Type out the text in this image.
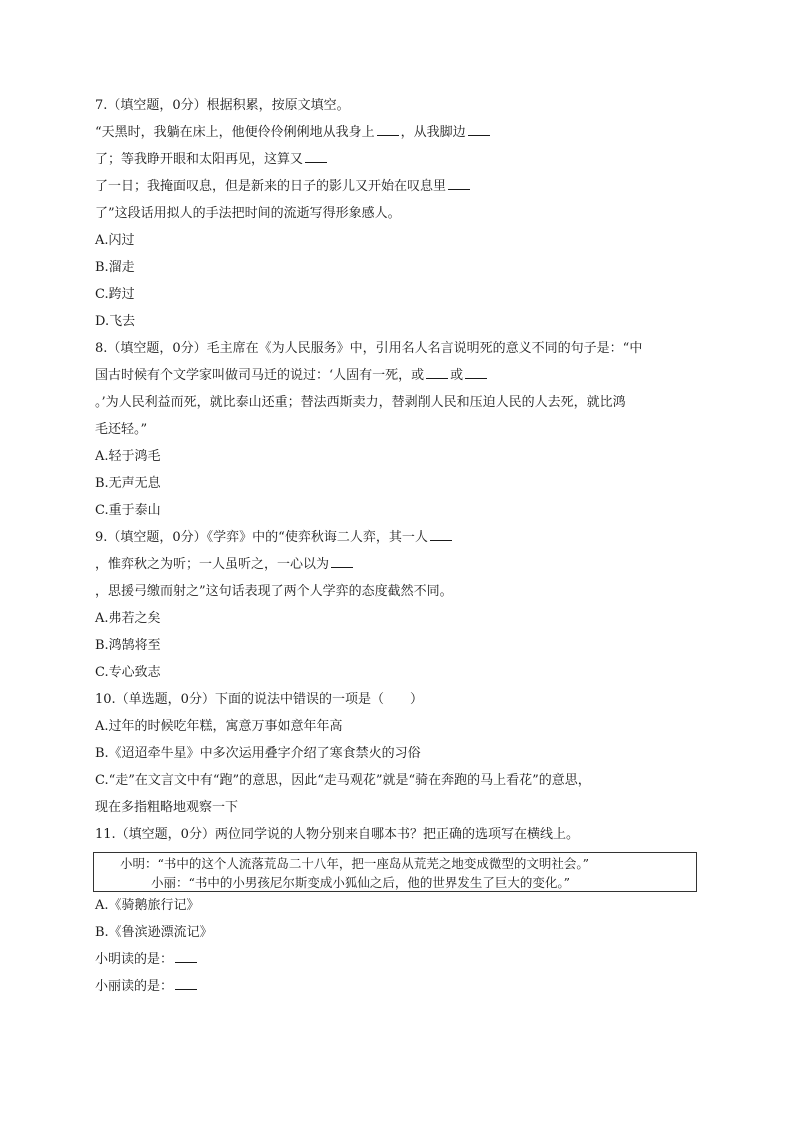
7.（填空题，0分）根据积累，按原文填空。
“天黑时，我躺在床上，他便伶伶俐俐地从我身上 ，从我脚边
了；等我睁开眼和太阳再见，这算又
了一日；我掩面叹息，但是新来的日子的影儿又开始在叹息里
了”这段话用拟人的手法把时间的流逝写得形象感人。
A.闪过
B.溜走
C.跨过
D.飞去
8.（填空题，0分）毛主席在《为人民服务》中，引用名人名言说明死的意义不同的句子是：“中
国古时候有个文学家叫做司马迁的说过：‘人固有一死，或 或
。’为人民利益而死，就比泰山还重；替法西斯卖力，替剥削人民和压迫人民的人去死，就比鸿
毛还轻。”
A.轻于鸿毛
B.无声无息
C.重于泰山
9.（填空题，0分）《学弈》中的“使弈秋诲二人弈，其一人
，惟弈秋之为听；一人虽听之，一心以为
，思援弓缴而射之”这句话表现了两个人学弈的态度截然不同。
A.弗若之矣
B.鸿鹄将至
C.专心致志
10.（单选题，0分）下面的说法中错误的一项是（　　）
A.过年的时候吃年糕，寓意万事如意年年高
B.《迢迢牵牛星》中多次运用叠字介绍了寒食禁火的习俗
C.“走”在文言文中有“跑”的意思，因此“走马观花”就是“骑在奔跑的马上看花”的意思，
现在多指粗略地观察一下
11.（填空题，0分）两位同学说的人物分别来自哪本书？把正确的选项写在横线上。
小明：“书中的这个人流落荒岛二十八年，把一座岛从荒芜之地变成微型的文明社会。”
小丽：“书中的小男孩尼尔斯变成小狐仙之后，他的世界发生了巨大的变化。”
A.《骑鹅旅行记》
B.《鲁滨逊漂流记》
小明读的是：
小丽读的是：
